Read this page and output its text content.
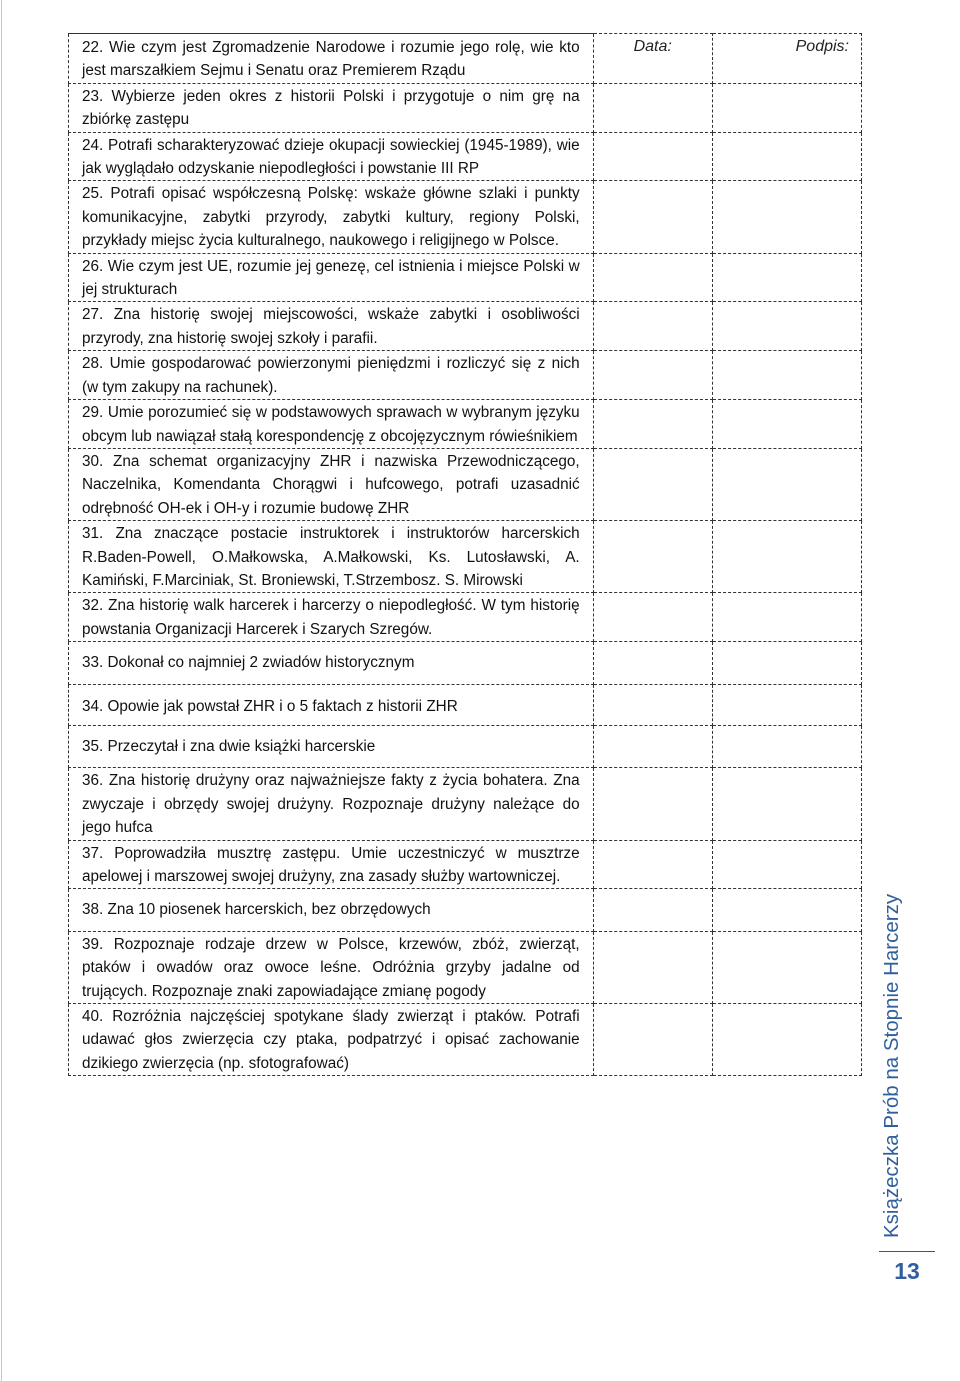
22. Wie czym jest Zgromadzenie Narodowe i rozumie jego rolę, wie kto jest marszałkiem Sejmu i Senatu oraz Premierem Rządu	Data:	Podpis:

23. Wybierze jeden okres z historii Polski i przygotuje o nim grę na zbiórkę zastępu		

24. Potrafi scharakteryzować dzieje okupacji sowieckiej (1945-1989), wie jak wyglądało odzyskanie niepodległości i powstanie III RP		

25. Potrafi opisać współczesną Polskę: wskaże główne szlaki i punkty komunikacyjne, zabytki przyrody, zabytki kultury, regiony Polski, przykłady miejsc życia kulturalnego, naukowego i religijnego w Polsce.		

26. Wie czym jest UE, rozumie jej genezę, cel istnienia i miejsce Polski w jej strukturach		

27. Zna historię swojej miejscowości, wskaże zabytki i osobliwości przyrody, zna historię swojej szkoły i parafii.		

28. Umie gospodarować powierzonymi pieniędzmi i rozliczyć się z nich (w tym zakupy na rachunek).		

29. Umie porozumieć się w podstawowych sprawach w wybranym języku obcym lub nawiązał stałą korespondencję z obcojęzycznym rówieśnikiem		

30. Zna schemat organizacyjny ZHR i nazwiska Przewodniczącego, Naczelnika, Komendanta Chorągwi i hufcowego, potrafi uzasadnić odrębność OH-ek i OH-y i rozumie budowę ZHR		

31. Zna znaczące postacie instruktorek i instruktorów harcerskich R.Baden-Powell, O.Małkowska, A.Małkowski, Ks. Lutosławski, A. Kamiński, F.Marciniak, St. Broniewski, T.Strzembosz. S. Mirowski		

32. Zna historię walk harcerek i harcerzy o niepodległość. W tym historię powstania Organizacji Harcerek i Szarych Szregów.		

33. Dokonał co najmniej 2 zwiadów historycznym		

34. Opowie jak powstał ZHR i o 5 faktach z historii ZHR		

35. Przeczytał i zna dwie książki harcerskie		

36. Zna historię drużyny oraz najważniejsze fakty z życia bohatera. Zna zwyczaje i obrzędy swojej drużyny. Rozpoznaje drużyny należące do jego hufca		

37. Poprowadziła musztrę zastępu. Umie uczestniczyć w musztrze apelowej i marszowej swojej drużyny, zna zasady służby wartowniczej.		

38. Zna 10 piosenek harcerskich, bez obrzędowych		

39. Rozpoznaje rodzaje drzew w Polsce, krzewów, zbóż, zwierząt, ptaków i owadów oraz owoce leśne. Odróżnia grzyby jadalne od trujących. Rozpoznaje znaki zapowiadające zmianę pogody		

40. Rozróżnia najczęściej spotykane ślady zwierząt i ptaków. Potrafi udawać głos zwierzęcia czy ptaka, podpatrzyć i opisać zachowanie dzikiego zwierzęcia (np. sfotografować)		
			Książeczka Prób na Stopnie Harcerzy
13
